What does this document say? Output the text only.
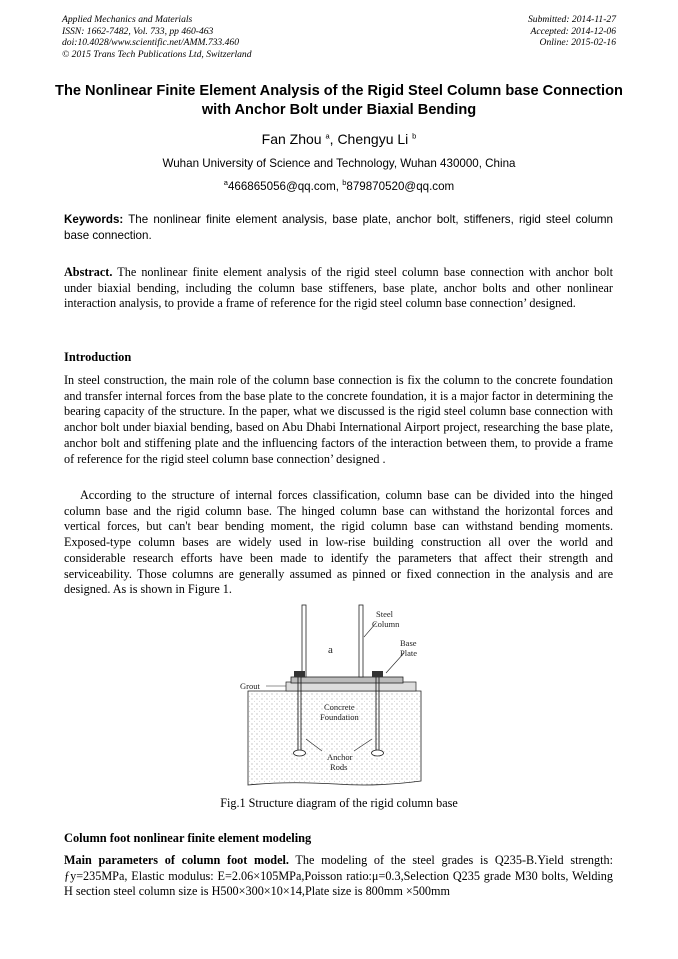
Applied Mechanics and Materials
ISSN: 1662-7482, Vol. 733, pp 460-463
doi:10.4028/www.scientific.net/AMM.733.460
© 2015 Trans Tech Publications Ltd, Switzerland
Submitted: 2014-11-27
Accepted: 2014-12-06
Online: 2015-02-16
The Nonlinear Finite Element Analysis of the Rigid Steel Column base Connection with Anchor Bolt under Biaxial Bending
Fan Zhou $^a$, Chengyu Li $^b$
Wuhan University of Science and Technology, Wuhan 430000, China
$^a$466865056@qq.com, $^b$879870520@qq.com
Keywords: The nonlinear finite element analysis, base plate, anchor bolt, stiffeners, rigid steel column base connection.
Abstract. The nonlinear finite element analysis of the rigid steel column base connection with anchor bolt under biaxial bending, including the column base stiffeners, base plate, anchor bolts and other nonlinear interaction analysis, to provide a frame of reference for the rigid steel column base connection’ designed.
Introduction
In steel construction, the main role of the column base connection is fix the column to the concrete foundation and transfer internal forces from the base plate to the concrete foundation, it is a major factor in determining the bearing capacity of the structure. In the paper, what we discussed is the rigid steel column base connection with anchor bolt under biaxial bending, based on Abu Dhabi International Airport project, researching the base plate, anchor bolt and stiffening plate and the influencing factors of the interaction between them, to provide a frame of reference for the rigid steel column base connection’ designed .
According to the structure of internal forces classification, column base can be divided into the hinged column base and the rigid column base. The hinged column base can withstand the horizontal forces and vertical forces, but can't bear bending moment, the rigid column base can withstand bending moments. Exposed-type column bases are widely used in low-rise building construction all over the world and considerable research efforts have been made to identify the parameters that affect their strength and serviceability. Those columns are generally assumed as pinned or fixed connection in the analysis and are designed. As is shown in Figure 1.
a
Steel
Column
Base
Plate
Grout
Concrete
Foundation
Anchor
Rods
Fig.1 Structure diagram of the rigid column base
Column foot nonlinear finite element modeling
Main parameters of column foot model. The modeling of the steel grades is Q235-B.Yield strength: ƒy=235MPa, Elastic modulus: E=2.06×105MPa,Poisson ratio:μ=0.3,Selection Q235 grade M30 bolts, Welding H section steel column size is H500×300×10×14,Plate size is 800mm ×500mm
